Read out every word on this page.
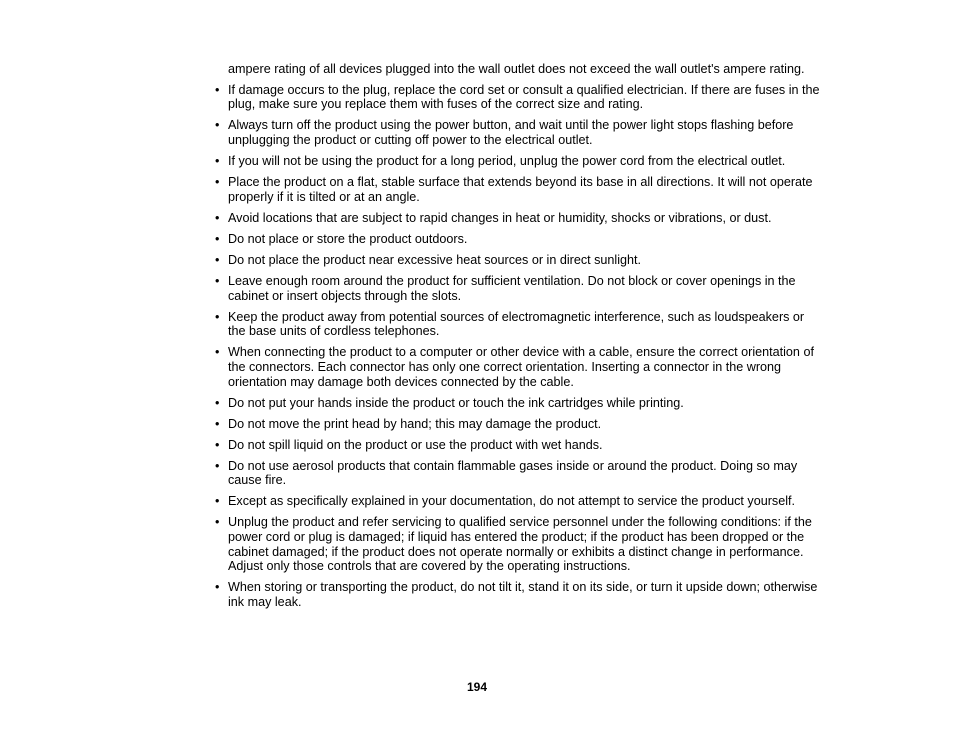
ampere rating of all devices plugged into the wall outlet does not exceed the wall outlet's ampere rating.

• If damage occurs to the plug, replace the cord set or consult a qualified electrician. If there are fuses in the plug, make sure you replace them with fuses of the correct size and rating.
• Always turn off the product using the power button, and wait until the power light stops flashing before unplugging the product or cutting off power to the electrical outlet.
• If you will not be using the product for a long period, unplug the power cord from the electrical outlet.
• Place the product on a flat, stable surface that extends beyond its base in all directions. It will not operate properly if it is tilted or at an angle.
• Avoid locations that are subject to rapid changes in heat or humidity, shocks or vibrations, or dust.
• Do not place or store the product outdoors.
• Do not place the product near excessive heat sources or in direct sunlight.
• Leave enough room around the product for sufficient ventilation. Do not block or cover openings in the cabinet or insert objects through the slots.
• Keep the product away from potential sources of electromagnetic interference, such as loudspeakers or the base units of cordless telephones.
• When connecting the product to a computer or other device with a cable, ensure the correct orientation of the connectors. Each connector has only one correct orientation. Inserting a connector in the wrong orientation may damage both devices connected by the cable.
• Do not put your hands inside the product or touch the ink cartridges while printing.
• Do not move the print head by hand; this may damage the product.
• Do not spill liquid on the product or use the product with wet hands.
• Do not use aerosol products that contain flammable gases inside or around the product. Doing so may cause fire.
• Except as specifically explained in your documentation, do not attempt to service the product yourself.
• Unplug the product and refer servicing to qualified service personnel under the following conditions: if the power cord or plug is damaged; if liquid has entered the product; if the product has been dropped or the cabinet damaged; if the product does not operate normally or exhibits a distinct change in performance. Adjust only those controls that are covered by the operating instructions.
• When storing or transporting the product, do not tilt it, stand it on its side, or turn it upside down; otherwise ink may leak.
194
